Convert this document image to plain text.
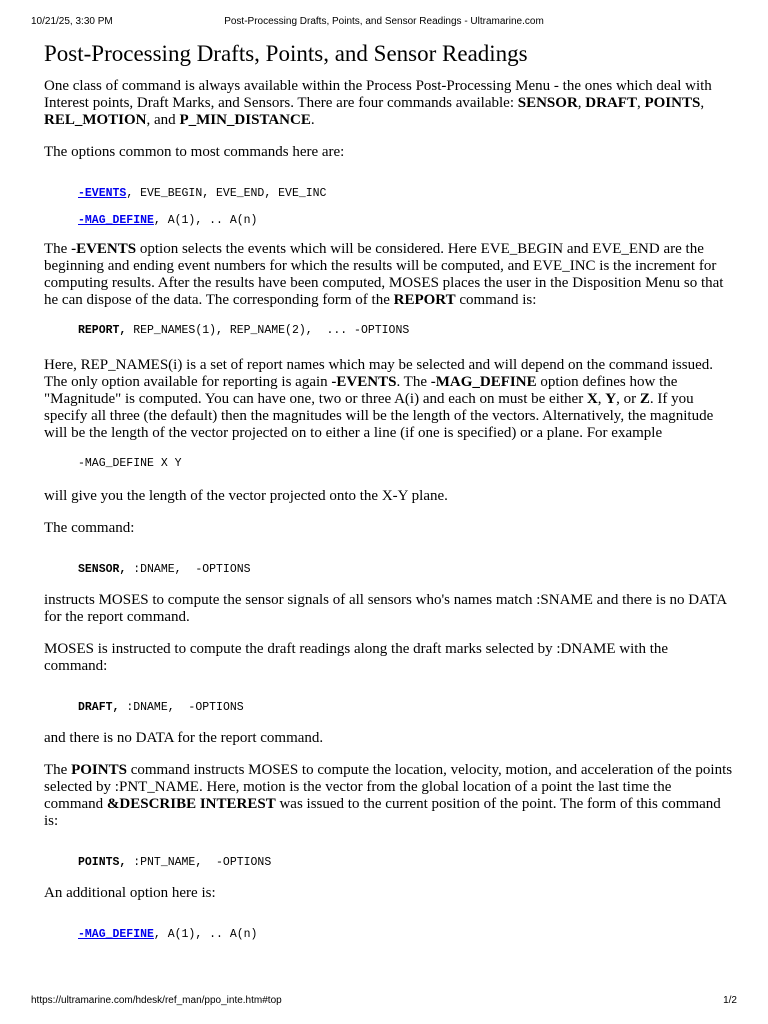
10/21/25, 3:30 PM	Post-Processing Drafts, Points, and Sensor Readings - Ultramarine.com
Post-Processing Drafts, Points, and Sensor Readings

One class of command is always available within the Process Post-Processing Menu - the ones which deal with Interest points, Draft Marks, and Sensors. There are four commands available: SENSOR, DRAFT, POINTS, REL_MOTION, and P_MIN_DISTANCE.

The options common to most commands here are:

-EVENTS, EVE_BEGIN, EVE_END, EVE_INC
-MAG_DEFINE, A(1), .. A(n)

The -EVENTS option selects the events which will be considered. Here EVE_BEGIN and EVE_END are the beginning and ending event numbers for which the results will be computed, and EVE_INC is the increment for computing results. After the results have been computed, MOSES places the user in the Disposition Menu so that he can dispose of the data. The corresponding form of the REPORT command is:

REPORT, REP_NAMES(1), REP_NAME(2),  ... -OPTIONS

Here, REP_NAMES(i) is a set of report names which may be selected and will depend on the command issued. The only option available for reporting is again -EVENTS. The -MAG_DEFINE option defines how the "Magnitude" is computed. You can have one, two or three A(i) and each on must be either X, Y, or Z. If you specify all three (the default) then the magnitudes will be the length of the vectors. Alternatively, the magnitude will be the length of the vector projected on to either a line (if one is specified) or a plane. For example

-MAG_DEFINE X Y

will give you the length of the vector projected onto the X-Y plane.

The command:

SENSOR, :DNAME,  -OPTIONS

instructs MOSES to compute the sensor signals of all sensors who's names match :SNAME and there is no DATA for the report command.

MOSES is instructed to compute the draft readings along the draft marks selected by :DNAME with the command:

DRAFT, :DNAME,  -OPTIONS

and there is no DATA for the report command.

The POINTS command instructs MOSES to compute the location, velocity, motion, and acceleration of the points selected by :PNT_NAME. Here, motion is the vector from the global location of a point the last time the command &DESCRIBE INTEREST was issued to the current position of the point. The form of this command is:

POINTS, :PNT_NAME,  -OPTIONS

An additional option here is:

-MAG_DEFINE, A(1), .. A(n)
https://ultramarine.com/hdesk/ref_man/ppo_inte.htm#top	1/2
